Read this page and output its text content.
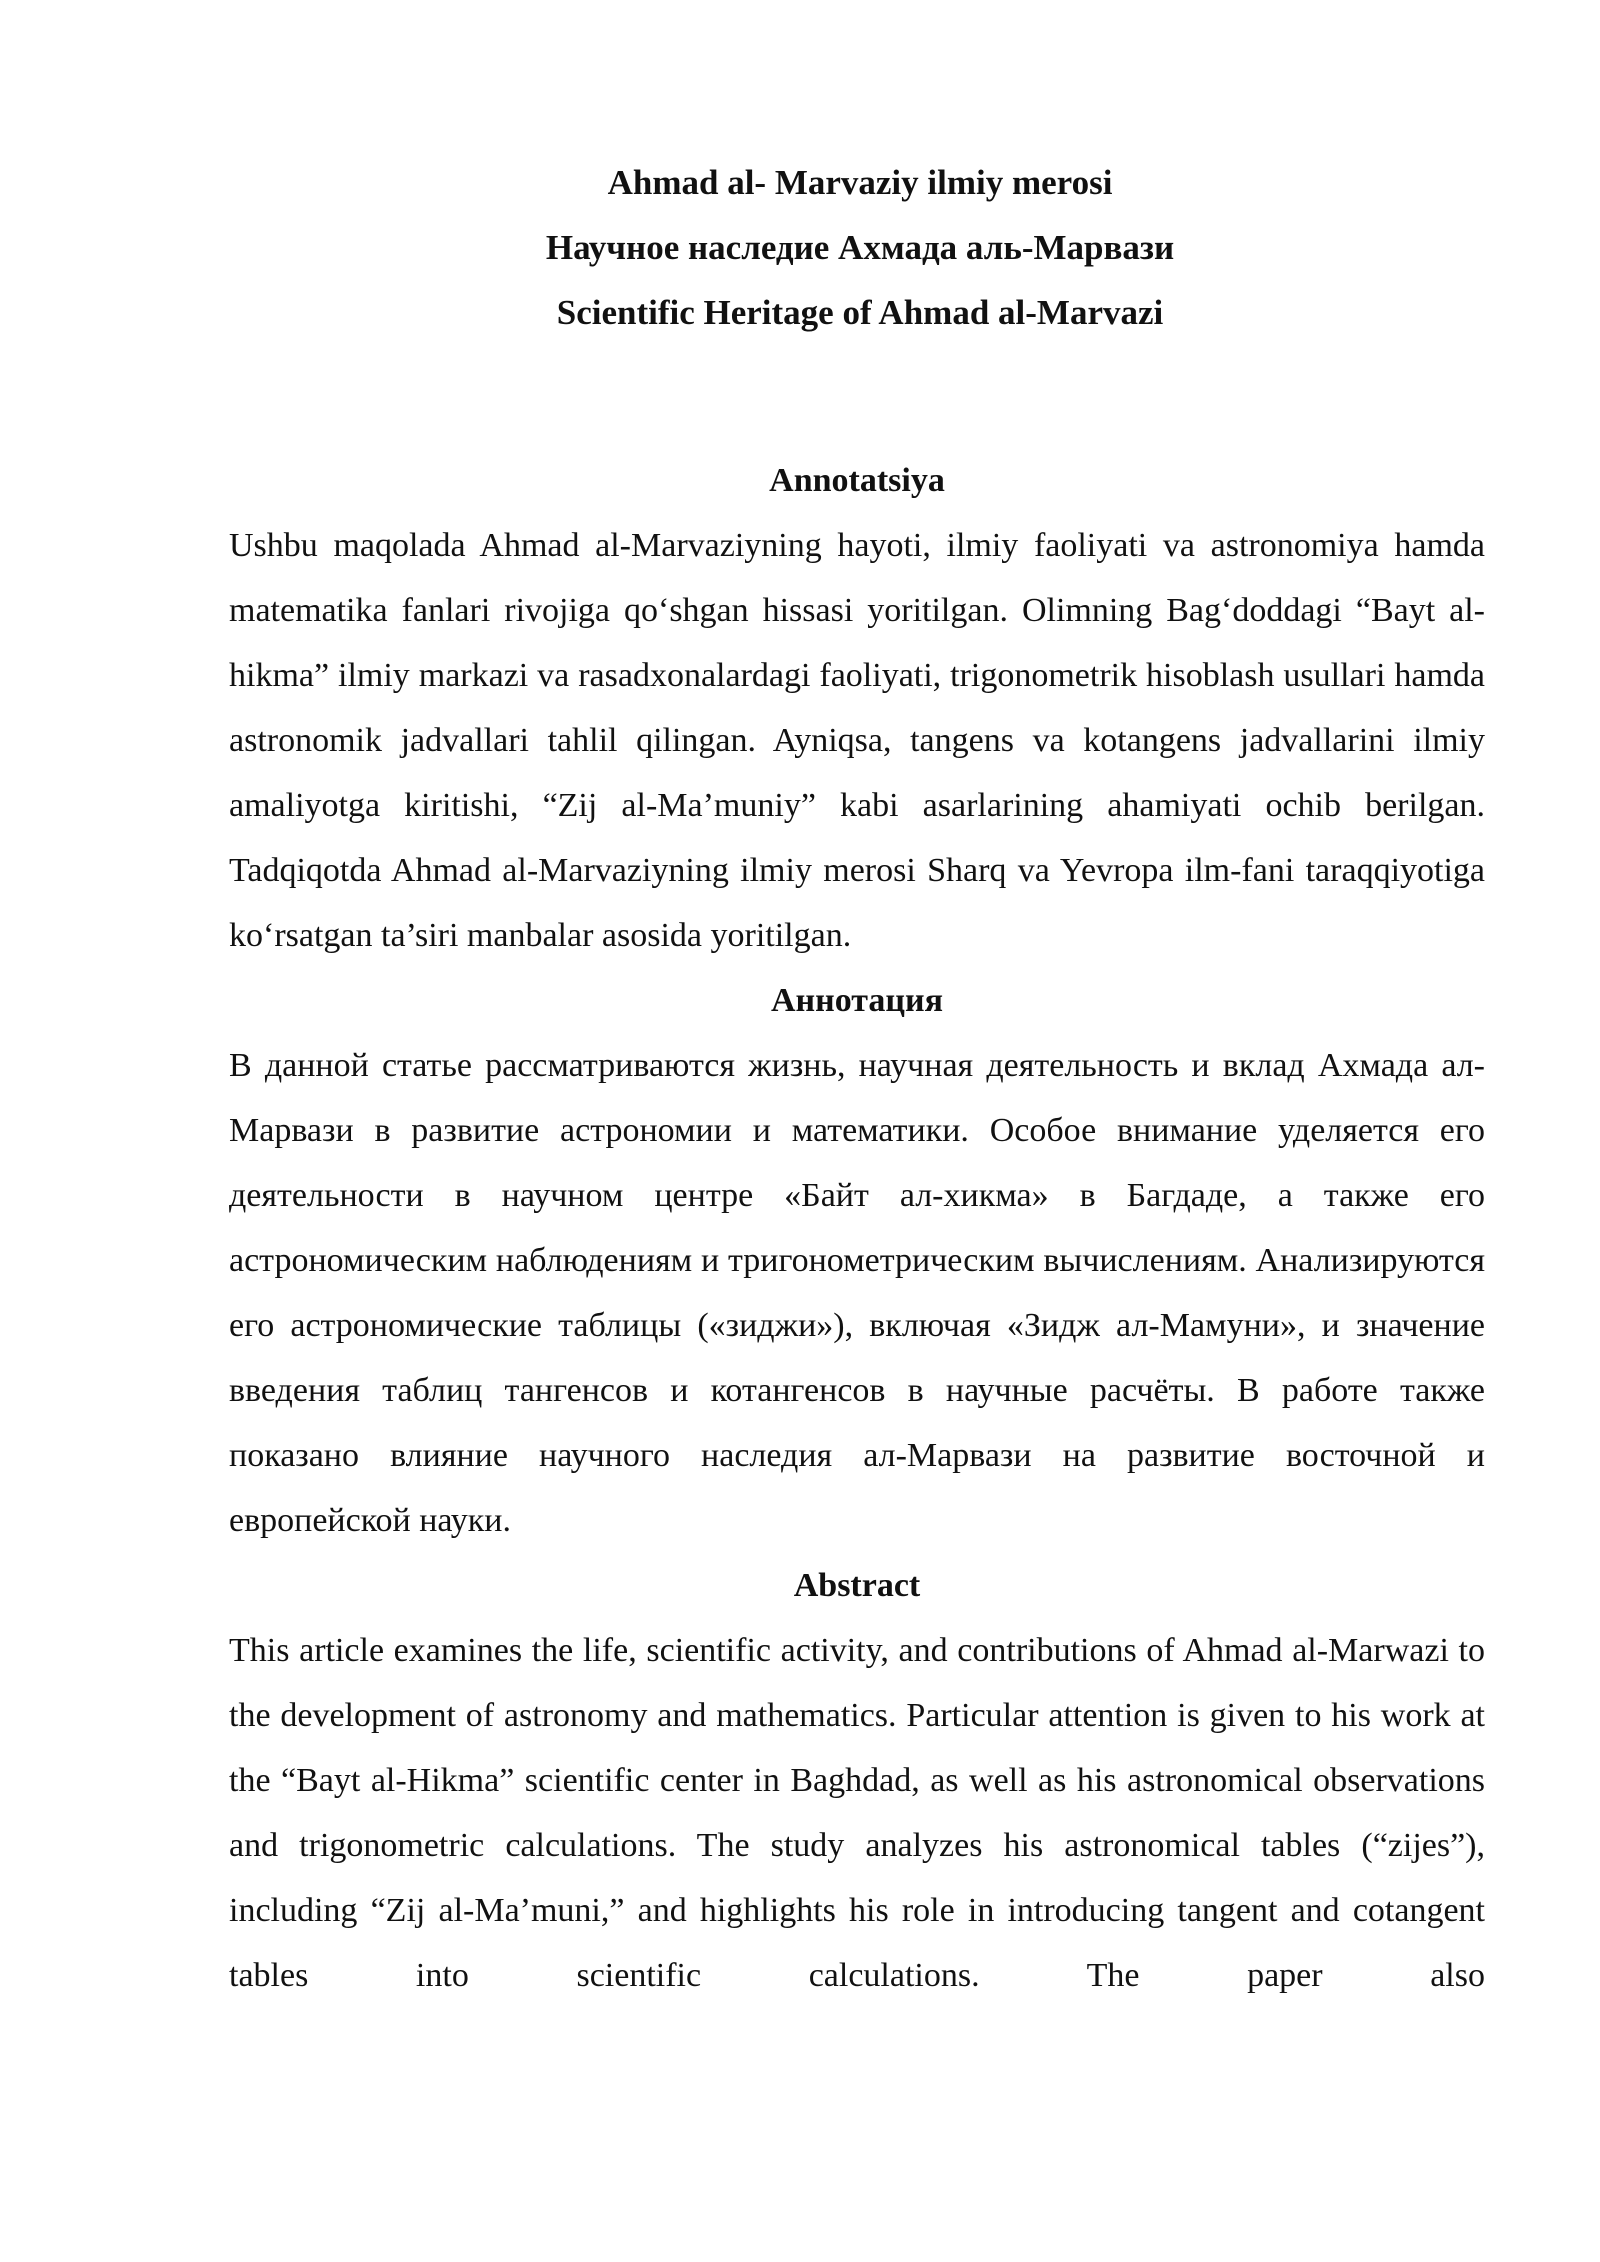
Ahmad al- Marvaziy ilmiy merosi
Научное наследие Ахмада аль-Марвази
Scientific Heritage of Ahmad al-Marvazi

Annotatsiya

Ushbu maqolada Ahmad al-Marvaziyning hayoti, ilmiy faoliyati va astronomiya hamda matematika fanlari rivojiga qo‘shgan hissasi yoritilgan. Olimning Bag‘doddagi “Bayt al-hikma” ilmiy markazi va rasadxonalardagi faoliyati, trigonometrik hisoblash usullari hamda astronomik jadvallari tahlil qilingan. Ayniqsa, tangens va kotangens jadvallarini ilmiy amaliyotga kiritishi, “Zij al-Ma’muniy” kabi asarlarining ahamiyati ochib berilgan. Tadqiqotda Ahmad al-Marvaziyning ilmiy merosi Sharq va Yevropa ilm-fani taraqqiyotiga ko‘rsatgan ta’siri manbalar asosida yoritilgan.

Аннотация

В данной статье рассматриваются жизнь, научная деятельность и вклад Ахмада ал-Марвази в развитие астрономии и математики. Особое внимание уделяется его деятельности в научном центре «Байт ал-хикма» в Багдаде, а также его астрономическим наблюдениям и тригонометрическим вычислениям. Анализируются его астрономические таблицы («зиджи»), включая «Зидж ал-Мамуни», и значение введения таблиц тангенсов и котангенсов в научные расчёты. В работе также показано влияние научного наследия ал-Марвази на развитие восточной и европейской науки.

Abstract

This article examines the life, scientific activity, and contributions of Ahmad al-Marwazi to the development of astronomy and mathematics. Particular attention is given to his work at the “Bayt al-Hikma” scientific center in Baghdad, as well as his astronomical observations and trigonometric calculations. The study analyzes his astronomical tables (“zijes”), including “Zij al-Ma’muni,” and highlights his role in introducing tangent and cotangent tables into scientific calculations. The paper also
